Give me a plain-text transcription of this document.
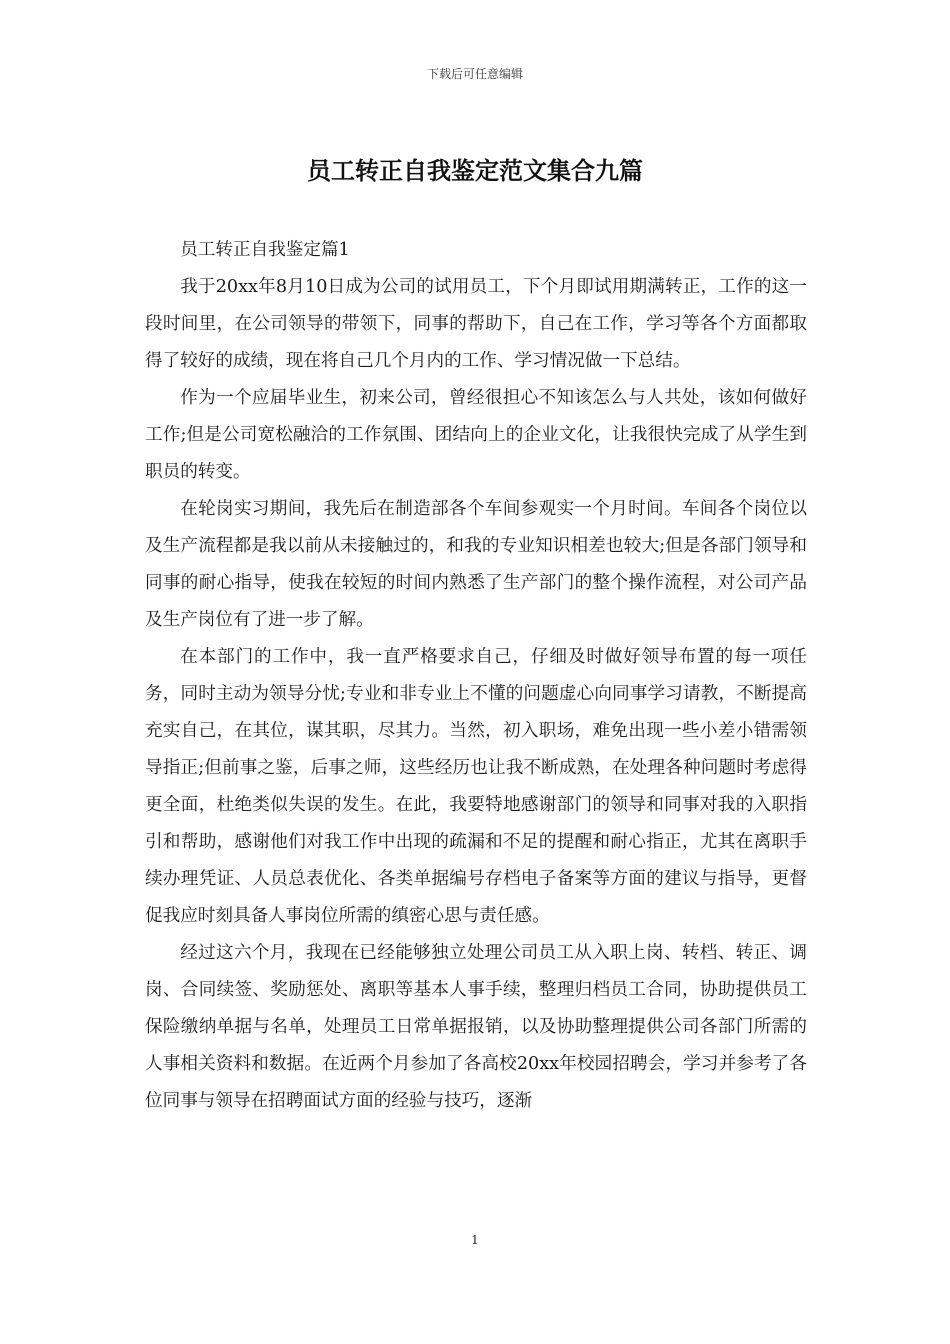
下载后可任意编辑
员工转正自我鉴定范文集合九篇

员工转正自我鉴定篇1

我于20xx年8月10日成为公司的试用员工，下个月即试用期满转正，工作的这一段时间里，在公司领导的带领下，同事的帮助下，自己在工作，学习等各个方面都取得了较好的成绩，现在将自己几个月内的工作、学习情况做一下总结。

作为一个应届毕业生，初来公司，曾经很担心不知该怎么与人共处，该如何做好工作;但是公司宽松融洽的工作氛围、团结向上的企业文化，让我很快完成了从学生到职员的转变。

在轮岗实习期间，我先后在制造部各个车间参观实一个月时间。车间各个岗位以及生产流程都是我以前从未接触过的，和我的专业知识相差也较大;但是各部门领导和同事的耐心指导，使我在较短的时间内熟悉了生产部门的整个操作流程，对公司产品及生产岗位有了进一步了解。

在本部门的工作中，我一直严格要求自己，仔细及时做好领导布置的每一项任务，同时主动为领导分忧;专业和非专业上不懂的问题虚心向同事学习请教，不断提高充实自己，在其位，谋其职，尽其力。当然，初入职场，难免出现一些小差小错需领导指正;但前事之鉴，后事之师，这些经历也让我不断成熟，在处理各种问题时考虑得更全面，杜绝类似失误的发生。在此，我要特地感谢部门的领导和同事对我的入职指引和帮助，感谢他们对我工作中出现的疏漏和不足的提醒和耐心指正，尤其在离职手续办理凭证、人员总表优化、各类单据编号存档电子备案等方面的建议与指导，更督促我应时刻具备人事岗位所需的缜密心思与责任感。

经过这六个月，我现在已经能够独立处理公司员工从入职上岗、转档、转正、调岗、合同续签、奖励惩处、离职等基本人事手续，整理归档员工合同，协助提供员工保险缴纳单据与名单，处理员工日常单据报销，以及协助整理提供公司各部门所需的人事相关资料和数据。在近两个月参加了各高校20xx年校园招聘会，学习并参考了各位同事与领导在招聘面试方面的经验与技巧，逐渐

1
